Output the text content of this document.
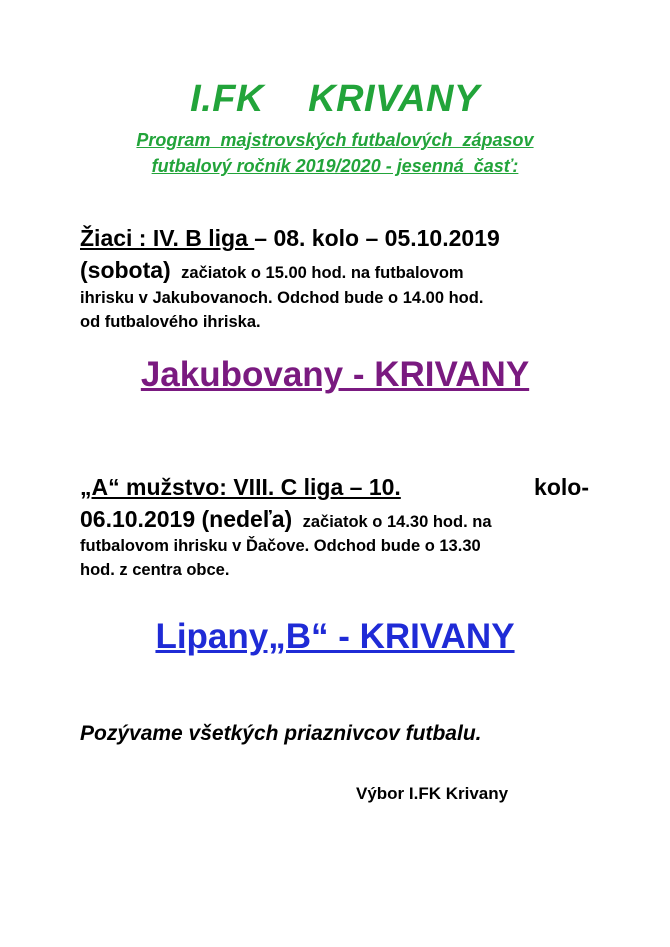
I.FK    KRIVANY
Program  majstrovských futbalových  zápasov
futbalový ročník 2019/2020 - jesenná  časť:
Žiaci : IV. B liga – 08. kolo – 05.10.2019
(sobota) začiatok o 15.00 hod. na futbalovom
ihrisku v Jakubovanoch. Odchod bude o 14.00 hod.
od futbalového ihriska.
Jakubovany - KRIVANY
„A“ mužstvo: VIII. C liga – 10.	kolo-
06.10.2019 (nedeľa) začiatok o 14.30 hod. na
futbalovom ihrisku v Ďačove. Odchod bude o 13.30
hod. z centra obce.
Lipany„B“ - KRIVANY
Pozývame všetkých priaznivcov futbalu.
Výbor I.FK Krivany
